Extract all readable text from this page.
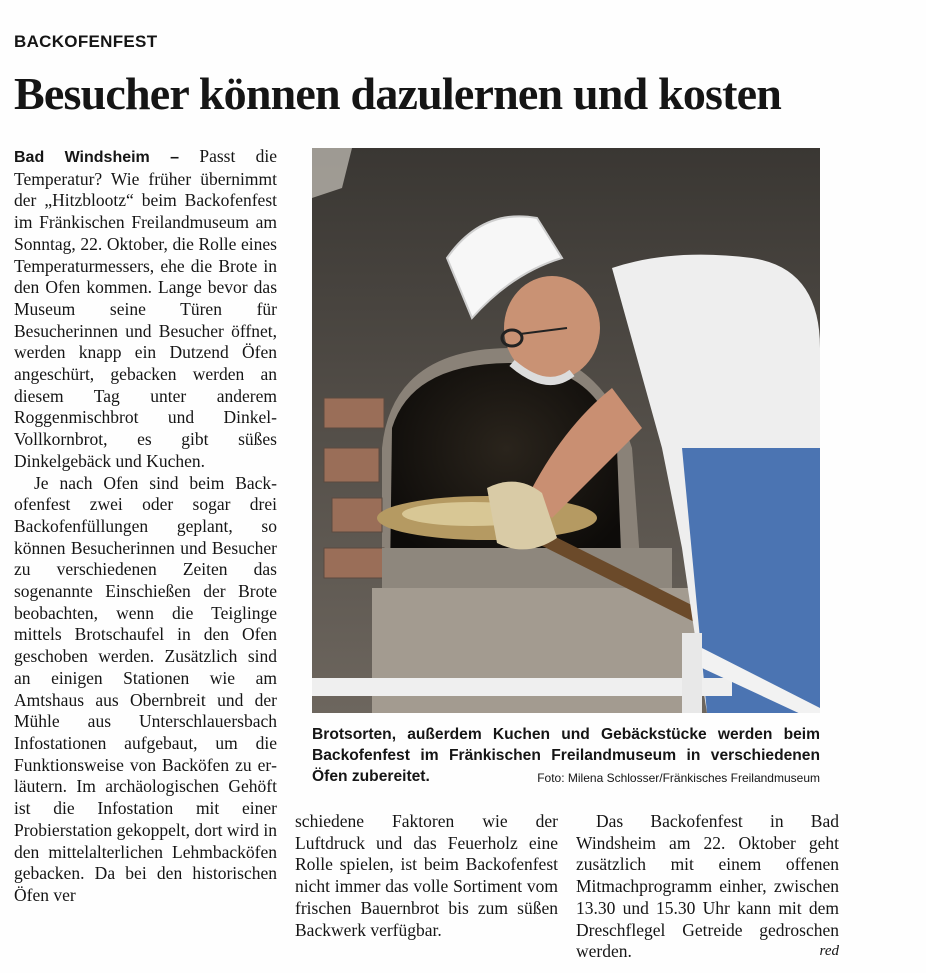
BACKOFENFEST
Besucher können dazulernen und kosten

Bad Windsheim – Passt die Temperatur? Wie früher übernimmt der „Hitzblootz“ beim Backofenfest im Fränkischen Freilandmuseum am Sonntag, 22. Oktober, die Rolle eines Temperaturmessers, ehe die Brote in den Ofen kommen. Lange bevor das Museum seine Türen für Besucherinnen und Besucher öffnet, werden knapp ein Dutzend Öfen angeschürt, gebacken werden an diesem Tag unter anderem Roggenmischbrot und Dinkel-Vollkornbrot, es gibt süßes Dinkelgebäck und Kuchen.

Je nach Ofen sind beim Backofenfest zwei oder sogar drei Backofenfüllungen geplant, so können Besucherinnen und Besucher zu verschiedenen Zeiten das sogenannte Einschießen der Brote beobachten, wenn die Teiglinge mittels Brotschaufel in den Ofen geschoben werden. Zusätzlich sind an einigen Stationen wie am Amtshaus aus Obernbreit und der Mühle aus Unterschlauersbach Infostationen aufgebaut, um die Funktionsweise von Backöfen zu erläutern. Im archäologischen Gehöft ist die Infostation mit einer Probierstation gekoppelt, dort wird in den mittelalterlichen Lehmbacköfen gebacken. Da bei den historischen Öfen ver

Brotsorten, außerdem Kuchen und Gebäckstücke werden beim Backofenfest im Fränkischen Freilandmuseum in verschiedenen Öfen zubereitet.	Foto: Milena Schlosser/Fränkisches Freilandmuseum

schiedene Faktoren wie der Luftdruck und das Feuerholz eine Rolle spielen, ist beim Backofenfest nicht immer das volle Sortiment vom frischen Bauernbrot bis zum süßen Backwerk verfügbar.

Das Backofenfest in Bad Windsheim am 22. Oktober geht zusätzlich mit einem offenen Mitmachprogramm einher, zwischen 13.30 und 15.30 Uhr kann mit dem Dreschflegel Getreide gedroschen werden.	red
